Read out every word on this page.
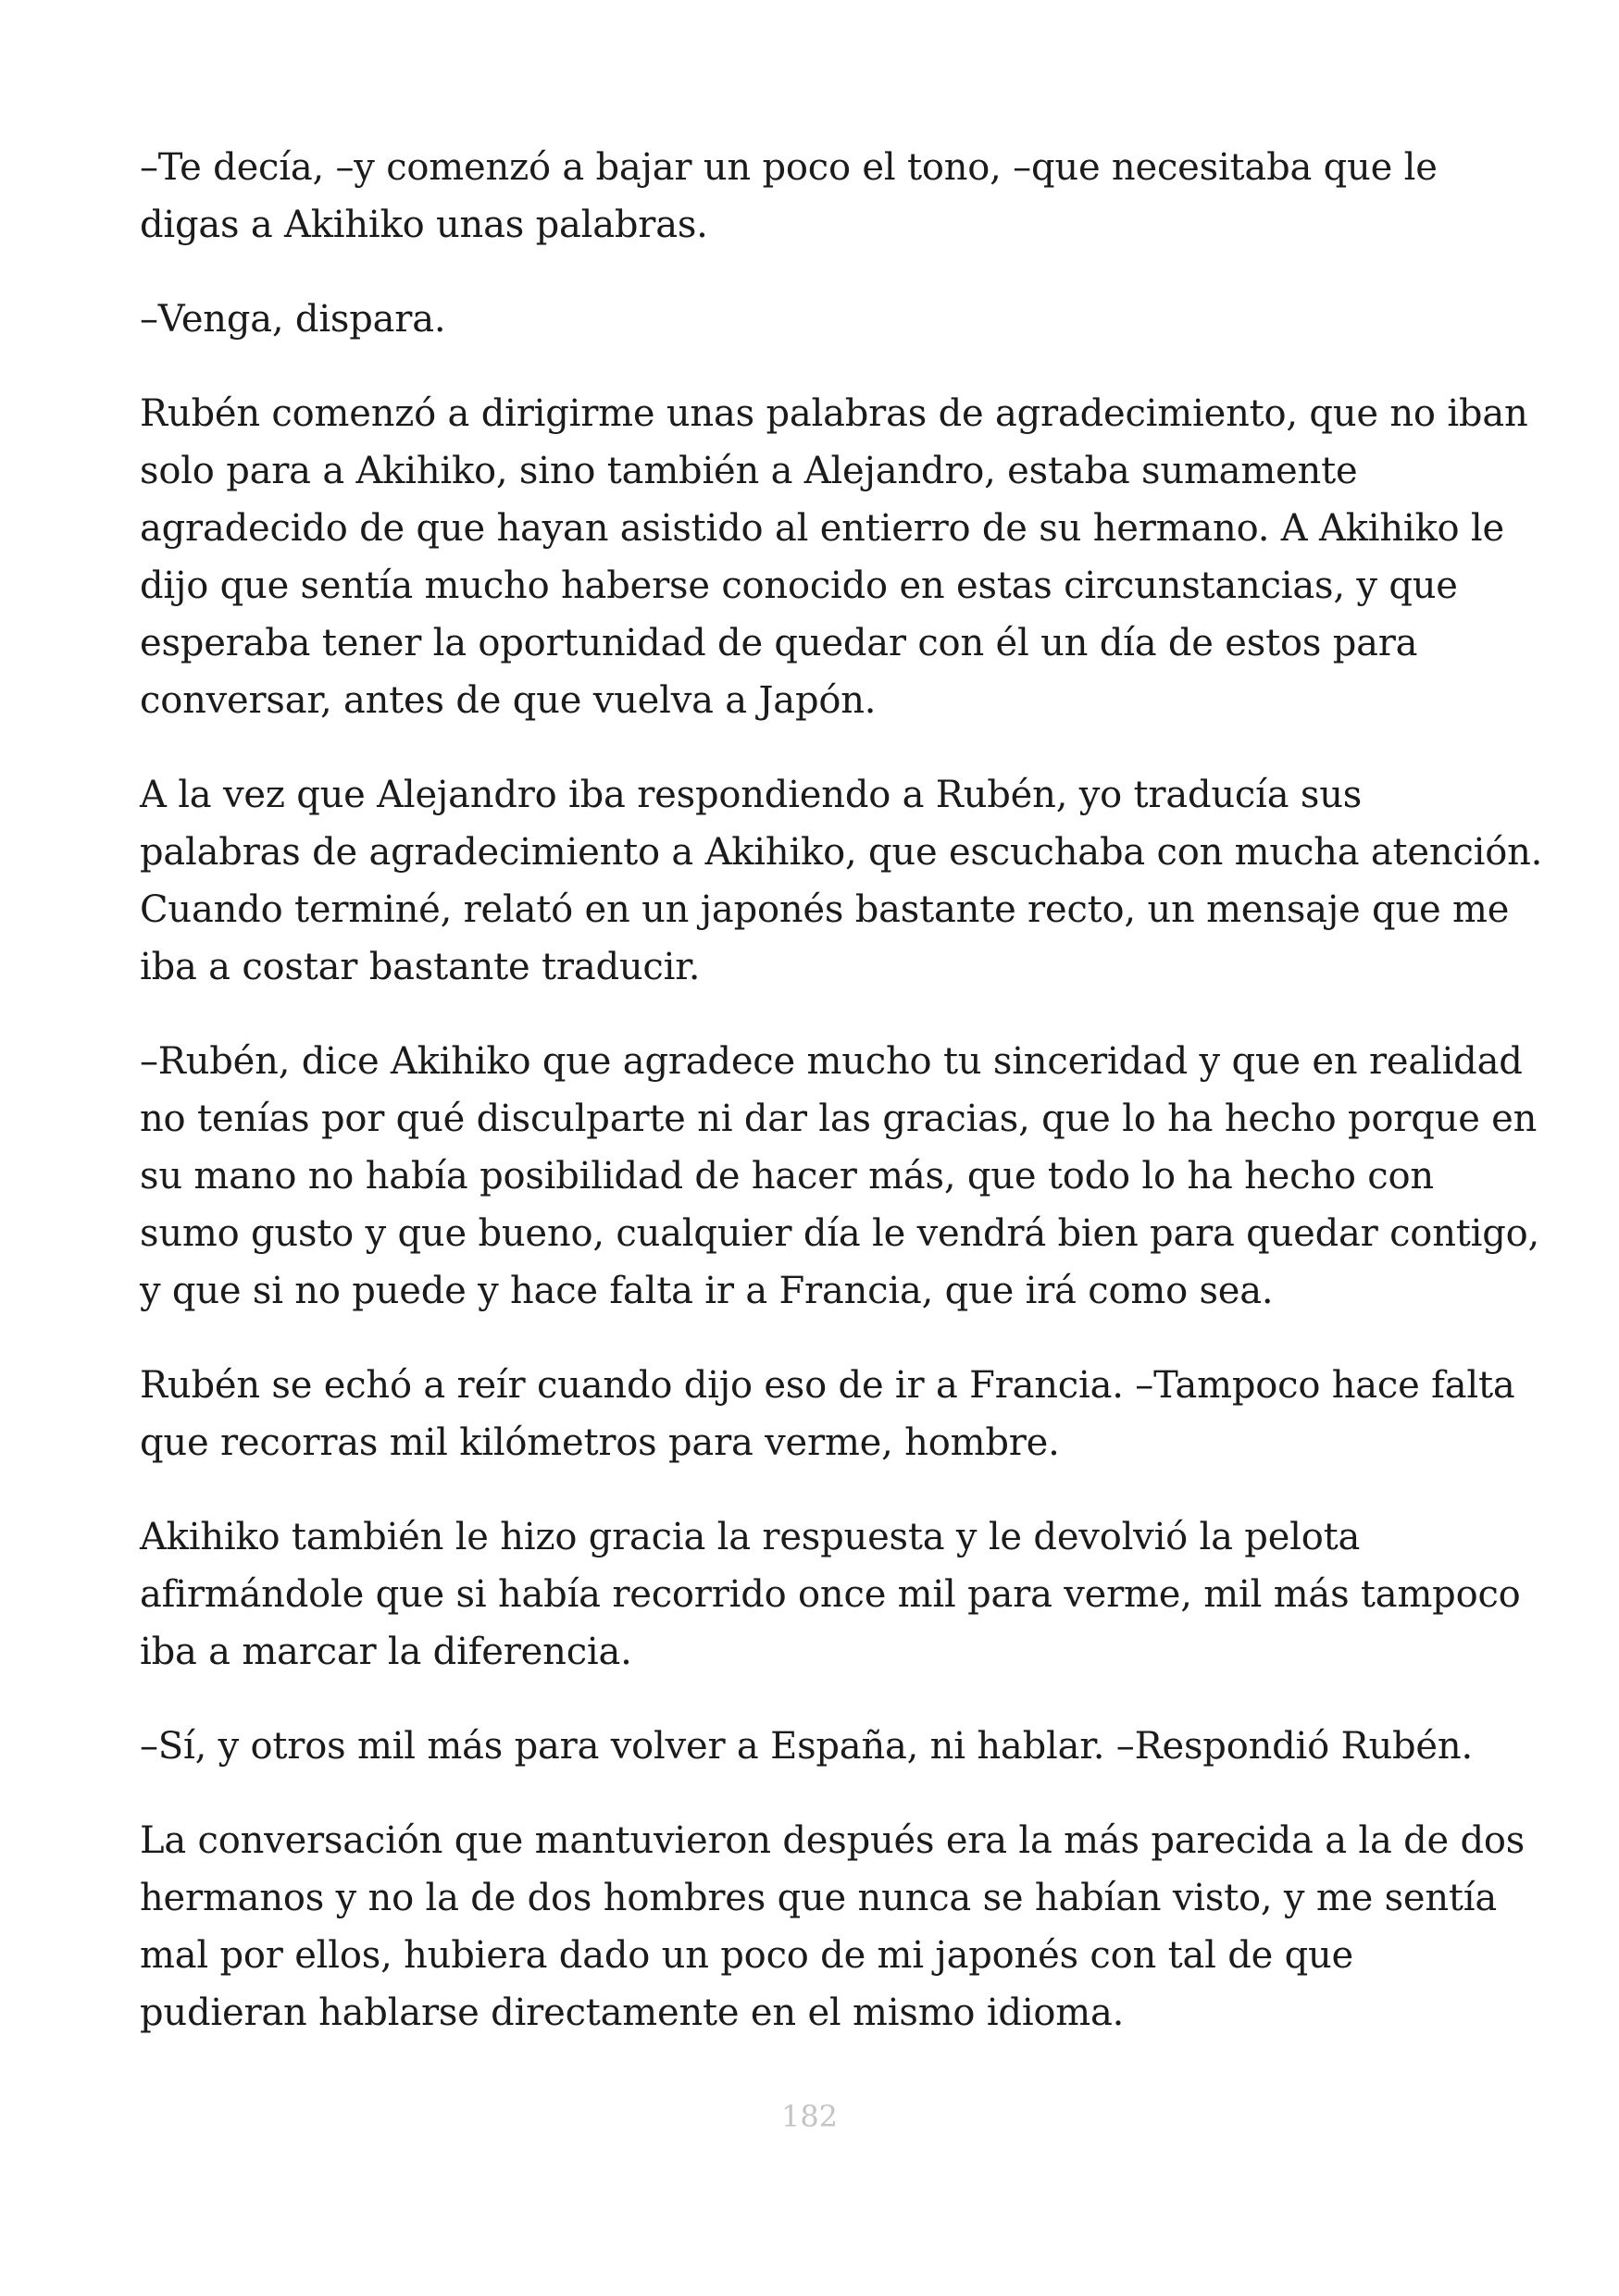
–Te decía, –y comenzó a bajar un poco el tono, –que necesitaba que le
digas a Akihiko unas palabras.

–Venga, dispara.

Rubén comenzó a dirigirme unas palabras de agradecimiento, que no iban
solo para a Akihiko, sino también a Alejandro, estaba sumamente
agradecido de que hayan asistido al entierro de su hermano. A Akihiko le
dijo que sentía mucho haberse conocido en estas circunstancias, y que
esperaba tener la oportunidad de quedar con él un día de estos para
conversar, antes de que vuelva a Japón.

A la vez que Alejandro iba respondiendo a Rubén, yo traducía sus
palabras de agradecimiento a Akihiko, que escuchaba con mucha atención.
Cuando terminé, relató en un japonés bastante recto, un mensaje que me
iba a costar bastante traducir.

–Rubén, dice Akihiko que agradece mucho tu sinceridad y que en realidad
no tenías por qué disculparte ni dar las gracias, que lo ha hecho porque en
su mano no había posibilidad de hacer más, que todo lo ha hecho con
sumo gusto y que bueno, cualquier día le vendrá bien para quedar contigo,
y que si no puede y hace falta ir a Francia, que irá como sea.

Rubén se echó a reír cuando dijo eso de ir a Francia. –Tampoco hace falta
que recorras mil kilómetros para verme, hombre.

Akihiko también le hizo gracia la respuesta y le devolvió la pelota
afirmándole que si había recorrido once mil para verme, mil más tampoco
iba a marcar la diferencia.

–Sí, y otros mil más para volver a España, ni hablar. –Respondió Rubén.

La conversación que mantuvieron después era la más parecida a la de dos
hermanos y no la de dos hombres que nunca se habían visto, y me sentía
mal por ellos, hubiera dado un poco de mi japonés con tal de que
pudieran hablarse directamente en el mismo idioma.

182
